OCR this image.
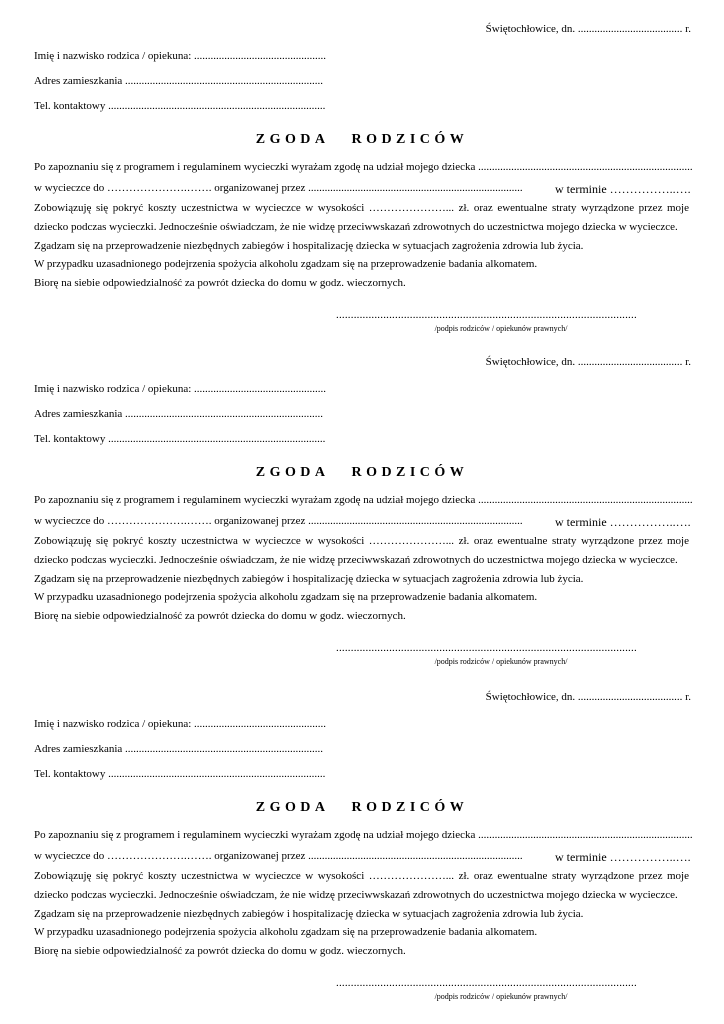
Świętochłowice, dn. ...................................... r.

Imię i nazwisko rodzica / opiekuna: ................................................

Adres zamieszkania ........................................................................

Tel. kontaktowy ...............................................................................

ZGODA RODZICÓW

Po zapoznaniu się z programem i regulaminem wycieczki wyrażam zgodę na udział mojego dziecka ..............................................................................

w wycieczce do ………………….……. organizowanej przez ..............................................................................	w terminie ……………..….

Zobowiązuję się pokryć koszty uczestnictwa w wycieczce w wysokości …………………... zł. oraz ewentualne straty wyrządzone przez moje

dziecko podczas wycieczki. Jednocześnie oświadczam, że nie widzę przeciwwskazań zdrowotnych do uczestnictwa mojego dziecka w wycieczce.

Zgadzam się na przeprowadzenie niezbędnych zabiegów i hospitalizację dziecka w sytuacjach zagrożenia zdrowia lub życia.

W przypadku uzasadnionego podejrzenia spożycia alkoholu zgadzam się na przeprowadzenie badania alkomatem.

Biorę na siebie odpowiedzialność za powrót dziecka do domu w godz. wieczornych.

......................................................................................................

/podpis rodziców / opiekunów prawnych/

Świętochłowice, dn. ...................................... r.

Imię i nazwisko rodzica / opiekuna: ................................................

Adres zamieszkania ........................................................................

Tel. kontaktowy ...............................................................................

ZGODA RODZICÓW

Po zapoznaniu się z programem i regulaminem wycieczki wyrażam zgodę na udział mojego dziecka ..............................................................................

w wycieczce do ………………….……. organizowanej przez ..............................................................................	w terminie ……………..….

Zobowiązuję się pokryć koszty uczestnictwa w wycieczce w wysokości …………………... zł. oraz ewentualne straty wyrządzone przez moje

dziecko podczas wycieczki. Jednocześnie oświadczam, że nie widzę przeciwwskazań zdrowotnych do uczestnictwa mojego dziecka w wycieczce.

Zgadzam się na przeprowadzenie niezbędnych zabiegów i hospitalizację dziecka w sytuacjach zagrożenia zdrowia lub życia.

W przypadku uzasadnionego podejrzenia spożycia alkoholu zgadzam się na przeprowadzenie badania alkomatem.

Biorę na siebie odpowiedzialność za powrót dziecka do domu w godz. wieczornych.

......................................................................................................

/podpis rodziców / opiekunów prawnych/

Świętochłowice, dn. ...................................... r.

Imię i nazwisko rodzica / opiekuna: ................................................

Adres zamieszkania ........................................................................

Tel. kontaktowy ...............................................................................

ZGODA RODZICÓW

Po zapoznaniu się z programem i regulaminem wycieczki wyrażam zgodę na udział mojego dziecka ..............................................................................

w wycieczce do ………………….……. organizowanej przez ..............................................................................	w terminie ……………..….

Zobowiązuję się pokryć koszty uczestnictwa w wycieczce w wysokości …………………... zł. oraz ewentualne straty wyrządzone przez moje

dziecko podczas wycieczki. Jednocześnie oświadczam, że nie widzę przeciwwskazań zdrowotnych do uczestnictwa mojego dziecka w wycieczce.

Zgadzam się na przeprowadzenie niezbędnych zabiegów i hospitalizację dziecka w sytuacjach zagrożenia zdrowia lub życia.

W przypadku uzasadnionego podejrzenia spożycia alkoholu zgadzam się na przeprowadzenie badania alkomatem.

Biorę na siebie odpowiedzialność za powrót dziecka do domu w godz. wieczornych.

......................................................................................................

/podpis rodziców / opiekunów prawnych/
